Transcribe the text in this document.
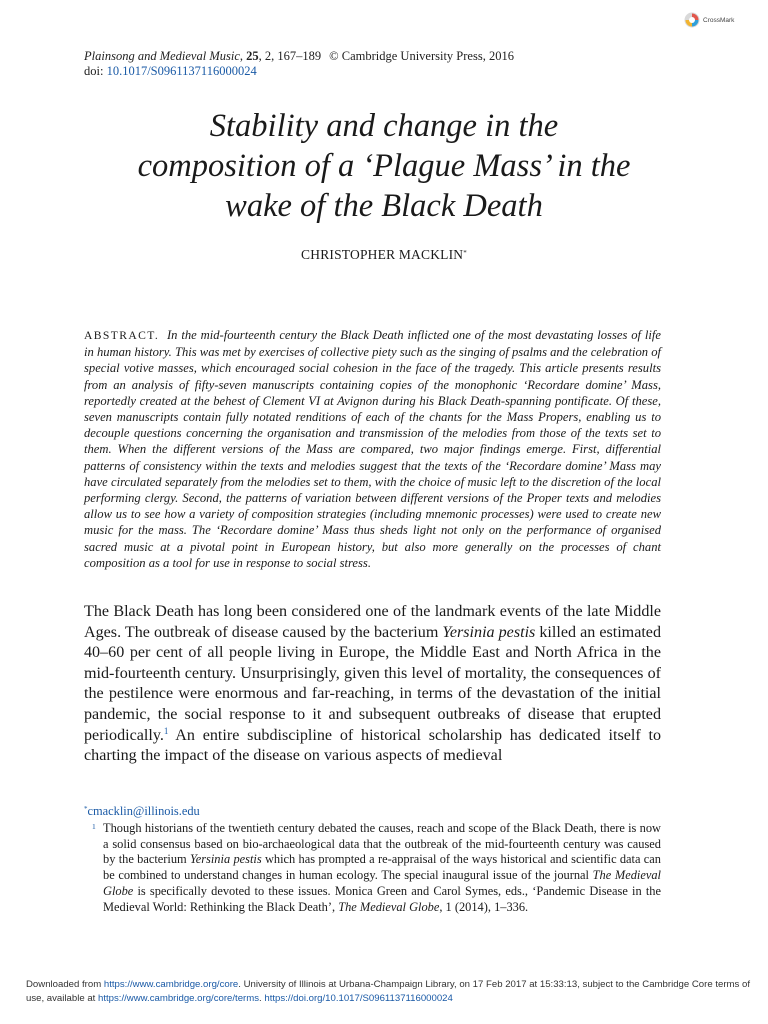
CrossMark
Plainsong and Medieval Music, 25, 2, 167–189 © Cambridge University Press, 2016
doi: 10.1017/S0961137116000024
Stability and change in the
composition of a ‘Plague Mass’ in the
wake of the Black Death
CHRISTOPHER MACKLIN*
ABSTRACT. In the mid-fourteenth century the Black Death inflicted one of the most devastating losses of life in human history. This was met by exercises of collective piety such as the singing of psalms and the celebration of special votive masses, which encouraged social cohesion in the face of the tragedy. This article presents results from an analysis of fifty-seven manuscripts containing copies of the monophonic ‘Recordare domine’ Mass, reportedly created at the behest of Clement VI at Avignon during his Black Death-spanning pontificate. Of these, seven manuscripts contain fully notated renditions of each of the chants for the Mass Propers, enabling us to decouple questions concerning the organisation and transmission of the melodies from those of the texts set to them. When the different versions of the Mass are compared, two major findings emerge. First, differential patterns of consistency within the texts and melodies suggest that the texts of the ‘Recordare domine’ Mass may have circulated separately from the melodies set to them, with the choice of music left to the discretion of the local performing clergy. Second, the patterns of variation between different versions of the Proper texts and melodies allow us to see how a variety of composition strategies (including mnemonic processes) were used to create new music for the mass. The ‘Recordare domine’ Mass thus sheds light not only on the performance of organised sacred music at a pivotal point in European history, but also more generally on the processes of chant composition as a tool for use in response to social stress.
The Black Death has long been considered one of the landmark events of the late Middle Ages. The outbreak of disease caused by the bacterium Yersinia pestis killed an estimated 40–60 per cent of all people living in Europe, the Middle East and North Africa in the mid-fourteenth century. Unsurprisingly, given this level of mortality, the consequences of the pestilence were enormous and far-reaching, in terms of the devastation of the initial pandemic, the social response to it and subsequent outbreaks of disease that erupted periodically.$^1$ An entire subdiscipline of historical scholarship has dedicated itself to charting the impact of the disease on various aspects of medieval
*cmacklin@illinois.edu
1 Though historians of the twentieth century debated the causes, reach and scope of the Black Death, there is now a solid consensus based on bio-archaeological data that the outbreak of the mid-fourteenth century was caused by the bacterium Yersinia pestis which has prompted a re-appraisal of the ways historical and scientific data can be combined to understand changes in human ecology. The special inaugural issue of the journal The Medieval Globe is specifically devoted to these issues. Monica Green and Carol Symes, eds., ‘Pandemic Disease in the Medieval World: Rethinking the Black Death’, The Medieval Globe, 1 (2014), 1–336.
Downloaded from https://www.cambridge.org/core. University of Illinois at Urbana-Champaign Library, on 17 Feb 2017 at 15:33:13, subject to the Cambridge Core terms of use, available at https://www.cambridge.org/core/terms. https://doi.org/10.1017/S0961137116000024
